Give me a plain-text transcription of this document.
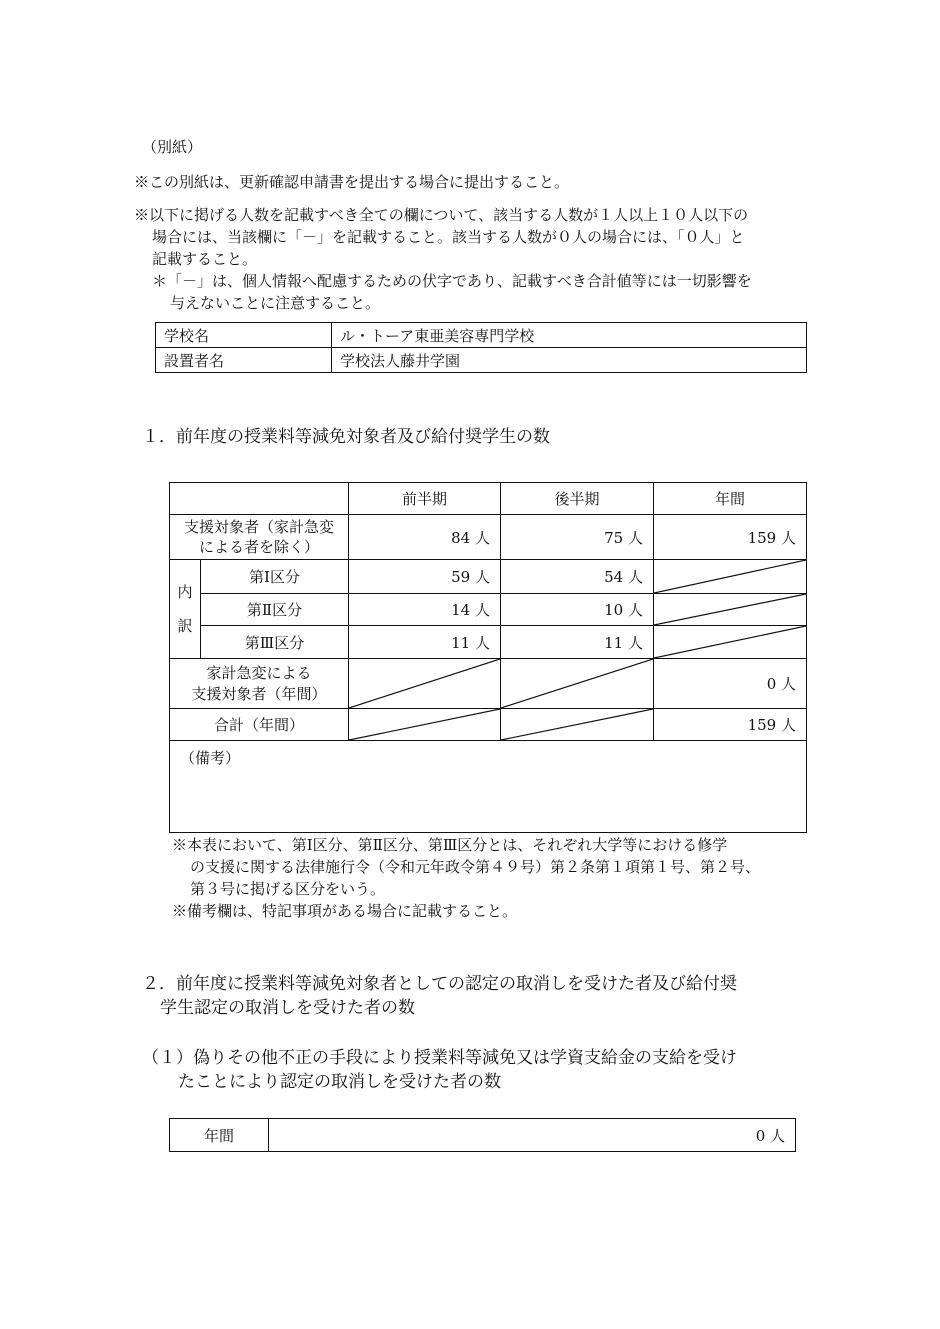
（別紙）
※この別紙は、更新確認申請書を提出する場合に提出すること。
※以下に掲げる人数を記載すべき全ての欄について、該当する人数が１人以上１０人以下の
場合には、当該欄に「－」を記載すること。該当する人数が０人の場合には、「０人」と
記載すること。
＊「－」は、個人情報へ配慮するための伏字であり、記載すべき合計値等には一切影響を
与えないことに注意すること。
学校名	ル・トーア東亜美容専門学校
設置者名	学校法人藤井学園
１．前年度の授業料等減免対象者及び給付奨学生の数
		前半期	後半期	年間

支援対象者（家計急変
による者を除く）		84 人	75 人	159 人

内
訳	第Ⅰ区分	59 人	54 人	

	第Ⅱ区分	14 人	10 人	

	第Ⅲ区分	11 人	11 人	

家計急変による
支援対象者（年間）				0 人
合計（年間）				159 人
（備考）				
※本表において、第Ⅰ区分、第Ⅱ区分、第Ⅲ区分とは、それぞれ大学等における修学
の支援に関する法律施行令（令和元年政令第４９号）第２条第１項第１号、第２号、
第３号に掲げる区分をいう。
※備考欄は、特記事項がある場合に記載すること。
２．前年度に授業料等減免対象者としての認定の取消しを受けた者及び給付奨
学生認定の取消しを受けた者の数
（１）偽りその他不正の手段により授業料等減免又は学資支給金の支給を受け
たことにより認定の取消しを受けた者の数
年間	0 人
